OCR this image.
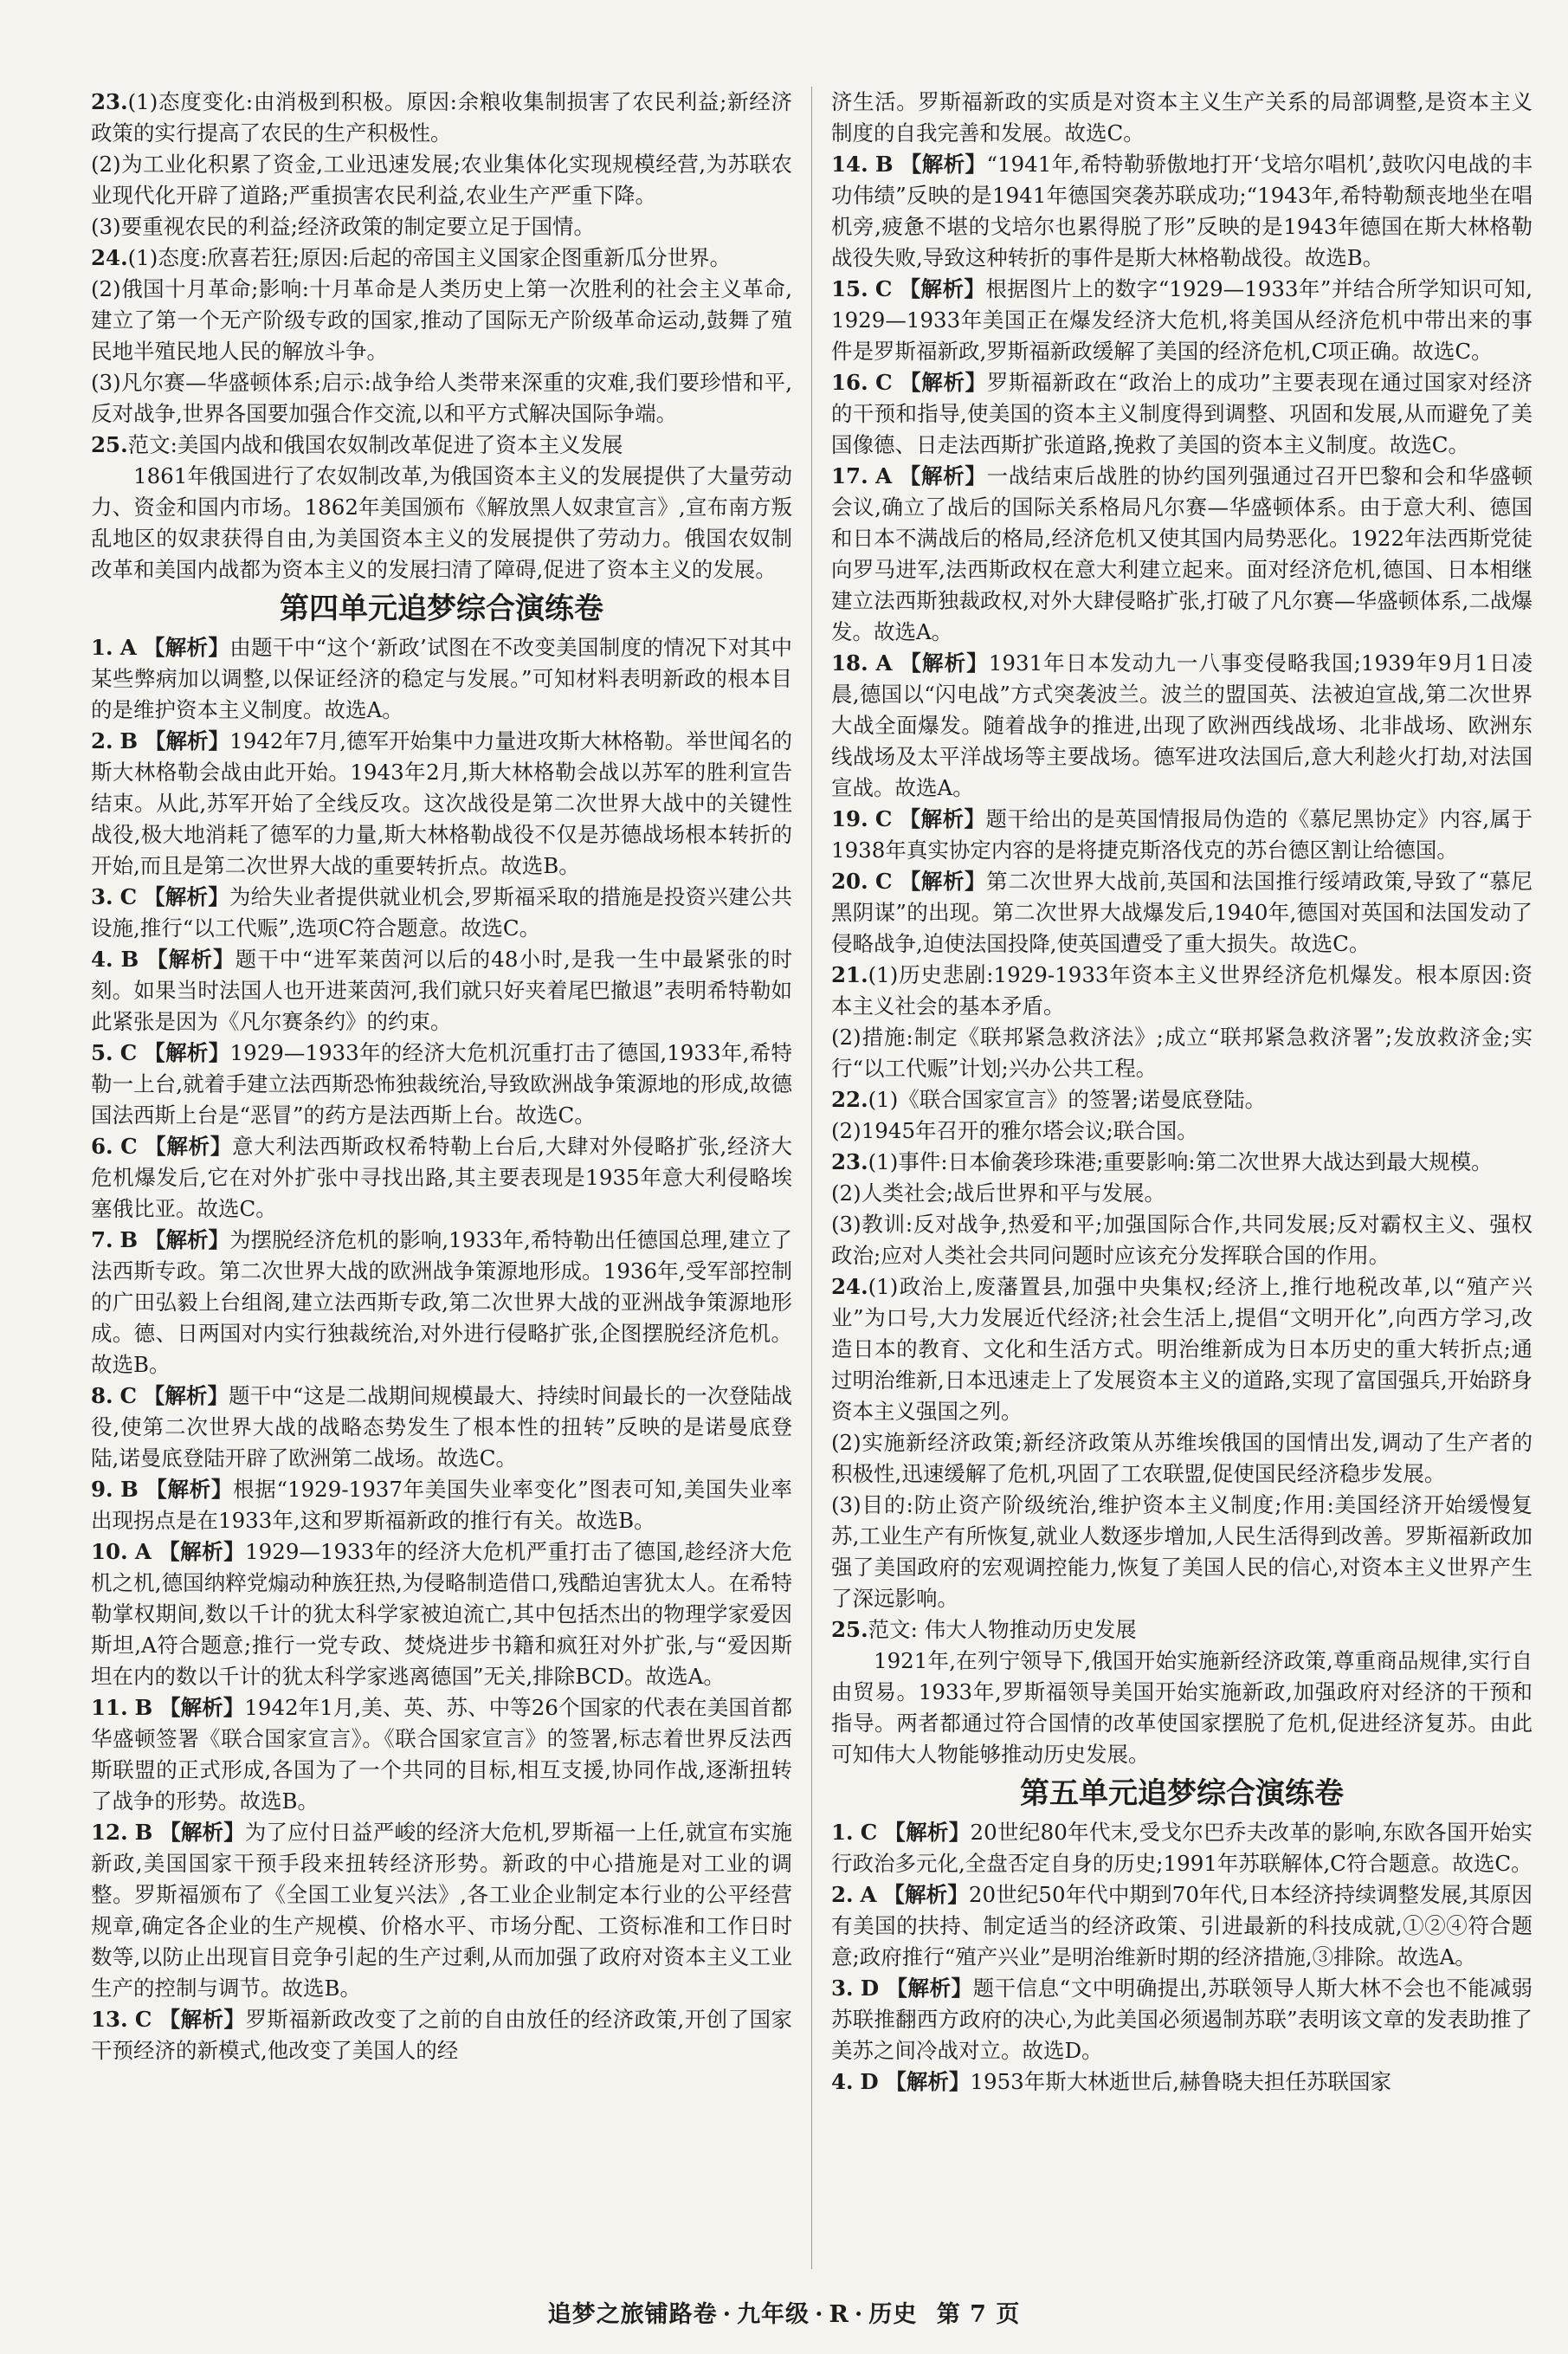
23.(1)态度变化:由消极到积极。原因:余粮收集制损害了农民利益;新经济政策的实行提高了农民的生产积极性。

(2)为工业化积累了资金,工业迅速发展;农业集体化实现规模经营,为苏联农业现代化开辟了道路;严重损害农民利益,农业生产严重下降。

(3)要重视农民的利益;经济政策的制定要立足于国情。

24.(1)态度:欣喜若狂;原因:后起的帝国主义国家企图重新瓜分世界。

(2)俄国十月革命;影响:十月革命是人类历史上第一次胜利的社会主义革命,建立了第一个无产阶级专政的国家,推动了国际无产阶级革命运动,鼓舞了殖民地半殖民地人民的解放斗争。

(3)凡尔赛—华盛顿体系;启示:战争给人类带来深重的灾难,我们要珍惜和平,反对战争,世界各国要加强合作交流,以和平方式解决国际争端。

25.范文:美国内战和俄国农奴制改革促进了资本主义发展

1861年俄国进行了农奴制改革,为俄国资本主义的发展提供了大量劳动力、资金和国内市场。1862年美国颁布《解放黑人奴隶宣言》,宣布南方叛乱地区的奴隶获得自由,为美国资本主义的发展提供了劳动力。俄国农奴制改革和美国内战都为资本主义的发展扫清了障碍,促进了资本主义的发展。

第四单元追梦综合演练卷

1. A 【解析】由题干中“这个‘新政’试图在不改变美国制度的情况下对其中某些弊病加以调整,以保证经济的稳定与发展。”可知材料表明新政的根本目的是维护资本主义制度。故选A。

2. B 【解析】1942年7月,德军开始集中力量进攻斯大林格勒。举世闻名的斯大林格勒会战由此开始。1943年2月,斯大林格勒会战以苏军的胜利宣告结束。从此,苏军开始了全线反攻。这次战役是第二次世界大战中的关键性战役,极大地消耗了德军的力量,斯大林格勒战役不仅是苏德战场根本转折的开始,而且是第二次世界大战的重要转折点。故选B。

3. C 【解析】为给失业者提供就业机会,罗斯福采取的措施是投资兴建公共设施,推行“以工代赈”,选项C符合题意。故选C。

4. B 【解析】题干中“进军莱茵河以后的48小时,是我一生中最紧张的时刻。如果当时法国人也开进莱茵河,我们就只好夹着尾巴撤退”表明希特勒如此紧张是因为《凡尔赛条约》的约束。

5. C 【解析】1929—1933年的经济大危机沉重打击了德国,1933年,希特勒一上台,就着手建立法西斯恐怖独裁统治,导致欧洲战争策源地的形成,故德国法西斯上台是“恶冒”的药方是法西斯上台。故选C。

6. C 【解析】意大利法西斯政权希特勒上台后,大肆对外侵略扩张,经济大危机爆发后,它在对外扩张中寻找出路,其主要表现是1935年意大利侵略埃塞俄比亚。故选C。

7. B 【解析】为摆脱经济危机的影响,1933年,希特勒出任德国总理,建立了法西斯专政。第二次世界大战的欧洲战争策源地形成。1936年,受军部控制的广田弘毅上台组阁,建立法西斯专政,第二次世界大战的亚洲战争策源地形成。德、日两国对内实行独裁统治,对外进行侵略扩张,企图摆脱经济危机。故选B。

8. C 【解析】题干中“这是二战期间规模最大、持续时间最长的一次登陆战役,使第二次世界大战的战略态势发生了根本性的扭转”反映的是诺曼底登陆,诺曼底登陆开辟了欧洲第二战场。故选C。

9. B 【解析】根据“1929-1937年美国失业率变化”图表可知,美国失业率出现拐点是在1933年,这和罗斯福新政的推行有关。故选B。

10. A 【解析】1929—1933年的经济大危机严重打击了德国,趁经济大危机之机,德国纳粹党煽动种族狂热,为侵略制造借口,残酷迫害犹太人。在希特勒掌权期间,数以千计的犹太科学家被迫流亡,其中包括杰出的物理学家爱因斯坦,A符合题意;推行一党专政、焚烧进步书籍和疯狂对外扩张,与“爱因斯坦在内的数以千计的犹太科学家逃离德国”无关,排除BCD。故选A。

11. B 【解析】1942年1月,美、英、苏、中等26个国家的代表在美国首都华盛顿签署《联合国家宣言》。《联合国家宣言》的签署,标志着世界反法西斯联盟的正式形成,各国为了一个共同的目标,相互支援,协同作战,逐渐扭转了战争的形势。故选B。

12. B 【解析】为了应付日益严峻的经济大危机,罗斯福一上任,就宣布实施新政,美国国家干预手段来扭转经济形势。新政的中心措施是对工业的调整。罗斯福颁布了《全国工业复兴法》,各工业企业制定本行业的公平经营规章,确定各企业的生产规模、价格水平、市场分配、工资标准和工作日时数等,以防止出现盲目竞争引起的生产过剩,从而加强了政府对资本主义工业生产的控制与调节。故选B。

13. C 【解析】罗斯福新政改变了之前的自由放任的经济政策,开创了国家干预经济的新模式,他改变了美国人的经

济生活。罗斯福新政的实质是对资本主义生产关系的局部调整,是资本主义制度的自我完善和发展。故选C。

14. B 【解析】“1941年,希特勒骄傲地打开‘戈培尔唱机’,鼓吹闪电战的丰功伟绩”反映的是1941年德国突袭苏联成功;“1943年,希特勒颓丧地坐在唱机旁,疲惫不堪的戈培尔也累得脱了形”反映的是1943年德国在斯大林格勒战役失败,导致这种转折的事件是斯大林格勒战役。故选B。

15. C 【解析】根据图片上的数字“1929—1933年”并结合所学知识可知,1929—1933年美国正在爆发经济大危机,将美国从经济危机中带出来的事件是罗斯福新政,罗斯福新政缓解了美国的经济危机,C项正确。故选C。

16. C 【解析】罗斯福新政在“政治上的成功”主要表现在通过国家对经济的干预和指导,使美国的资本主义制度得到调整、巩固和发展,从而避免了美国像德、日走法西斯扩张道路,挽救了美国的资本主义制度。故选C。

17. A 【解析】一战结束后战胜的协约国列强通过召开巴黎和会和华盛顿会议,确立了战后的国际关系格局凡尔赛—华盛顿体系。由于意大利、德国和日本不满战后的格局,经济危机又使其国内局势恶化。1922年法西斯党徒向罗马进军,法西斯政权在意大利建立起来。面对经济危机,德国、日本相继建立法西斯独裁政权,对外大肆侵略扩张,打破了凡尔赛—华盛顿体系,二战爆发。故选A。

18. A 【解析】1931年日本发动九一八事变侵略我国;1939年9月1日凌晨,德国以“闪电战”方式突袭波兰。波兰的盟国英、法被迫宣战,第二次世界大战全面爆发。随着战争的推进,出现了欧洲西线战场、北非战场、欧洲东线战场及太平洋战场等主要战场。德军进攻法国后,意大利趁火打劫,对法国宣战。故选A。

19. C 【解析】题干给出的是英国情报局伪造的《慕尼黑协定》内容,属于1938年真实协定内容的是将捷克斯洛伐克的苏台德区割让给德国。

20. C 【解析】第二次世界大战前,英国和法国推行绥靖政策,导致了“慕尼黑阴谋”的出现。第二次世界大战爆发后,1940年,德国对英国和法国发动了侵略战争,迫使法国投降,使英国遭受了重大损失。故选C。

21.(1)历史悲剧:1929-1933年资本主义世界经济危机爆发。根本原因:资本主义社会的基本矛盾。

(2)措施:制定《联邦紧急救济法》;成立“联邦紧急救济署”;发放救济金;实行“以工代赈”计划;兴办公共工程。

22.(1)《联合国家宣言》的签署;诺曼底登陆。

(2)1945年召开的雅尔塔会议;联合国。

23.(1)事件:日本偷袭珍珠港;重要影响:第二次世界大战达到最大规模。

(2)人类社会;战后世界和平与发展。

(3)教训:反对战争,热爱和平;加强国际合作,共同发展;反对霸权主义、强权政治;应对人类社会共同问题时应该充分发挥联合国的作用。

24.(1)政治上,废藩置县,加强中央集权;经济上,推行地税改革,以“殖产兴业”为口号,大力发展近代经济;社会生活上,提倡“文明开化”,向西方学习,改造日本的教育、文化和生活方式。明治维新成为日本历史的重大转折点;通过明治维新,日本迅速走上了发展资本主义的道路,实现了富国强兵,开始跻身资本主义强国之列。

(2)实施新经济政策;新经济政策从苏维埃俄国的国情出发,调动了生产者的积极性,迅速缓解了危机,巩固了工农联盟,促使国民经济稳步发展。

(3)目的:防止资产阶级统治,维护资本主义制度;作用:美国经济开始缓慢复苏,工业生产有所恢复,就业人数逐步增加,人民生活得到改善。罗斯福新政加强了美国政府的宏观调控能力,恢复了美国人民的信心,对资本主义世界产生了深远影响。

25.范文: 伟大人物推动历史发展

1921年,在列宁领导下,俄国开始实施新经济政策,尊重商品规律,实行自由贸易。1933年,罗斯福领导美国开始实施新政,加强政府对经济的干预和指导。两者都通过符合国情的改革使国家摆脱了危机,促进经济复苏。由此可知伟大人物能够推动历史发展。

第五单元追梦综合演练卷

1. C 【解析】20世纪80年代末,受戈尔巴乔夫改革的影响,东欧各国开始实行政治多元化,全盘否定自身的历史;1991年苏联解体,C符合题意。故选C。

2. A 【解析】20世纪50年代中期到70年代,日本经济持续调整发展,其原因有美国的扶持、制定适当的经济政策、引进最新的科技成就,①②④符合题意;政府推行“殖产兴业”是明治维新时期的经济措施,③排除。故选A。

3. D 【解析】题干信息“文中明确提出,苏联领导人斯大林不会也不能减弱苏联推翻西方政府的决心,为此美国必须遏制苏联”表明该文章的发表助推了美苏之间冷战对立。故选D。

4. D 【解析】1953年斯大林逝世后,赫鲁晓夫担任苏联国家

追梦之旅铺路卷 · 九年级 · R · 历史 第 7 页
